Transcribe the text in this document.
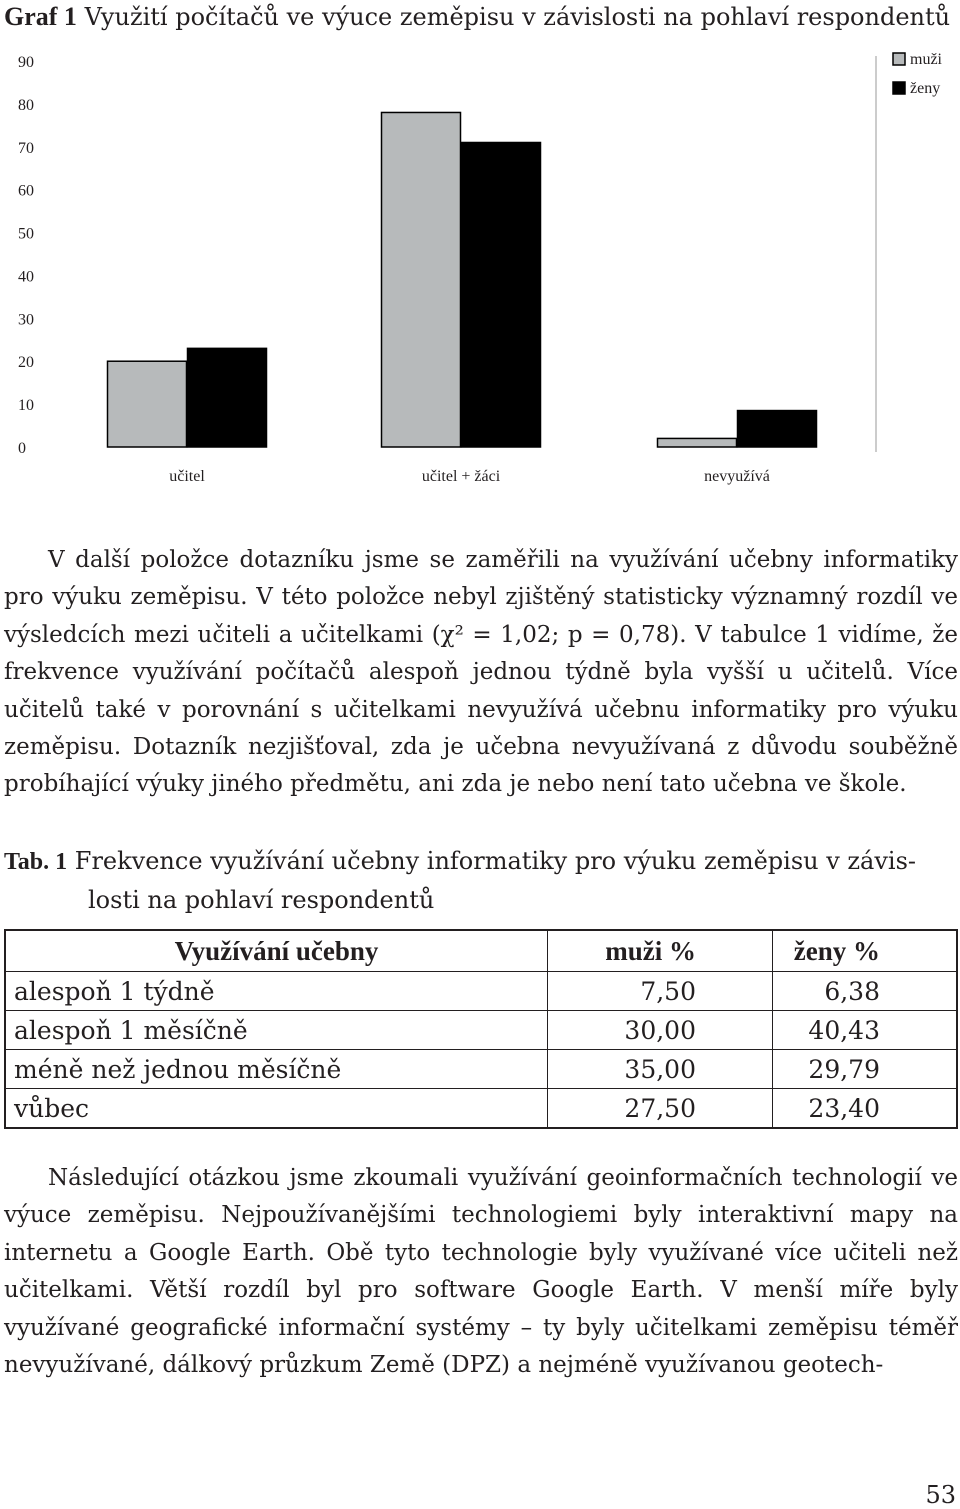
Graf 1 Využití počítačů ve výuce zeměpisu v závislosti na pohlaví respondentů
0
10
20
30
40
50
60
70
80
90
učitel	učitel + žáci	nevyužívá
muži
ženy
V další položce dotazníku jsme se zaměřili na využívání učebny informatiky pro výuku zeměpisu. V této položce nebyl zjištěný statisticky významný rozdíl ve výsledcích mezi učiteli a učitelkami (χ² = 1,02; p = 0,78). V tabulce 1 vidíme, že frekvence využívání počítačů alespoň jednou týdně byla vyšší u učitelů. Více učitelů také v porovnání s učitelkami nevyužívá učebnu informatiky pro výuku zeměpisu. Dotazník nezjišťoval, zda je učebna nevyužívaná z důvodu souběžně probíhající výuky jiného předmětu, ani zda je nebo není tato učebna ve škole.
Tab. 1 Frekvence využívání učebny informatiky pro výuku zeměpisu v závis-
losti na pohlaví respondentů
Využívání učebny	muži %	ženy %
alespoň 1 týdně	7,50	6,38
alespoň 1 měsíčně	30,00	40,43
méně než jednou měsíčně	35,00	29,79
vůbec	27,50	23,40
Následující otázkou jsme zkoumali využívání geoinformačních technologií ve výuce zeměpisu. Nejpoužívanějšími technologiemi byly interaktivní mapy na internetu a Google Earth. Obě tyto technologie byly využívané více učiteli než učitelkami. Větší rozdíl byl pro software Google Earth. V menší míře byly využívané geografické informační systémy – ty byly učitelkami zeměpisu téměř nevyužívané, dálkový průzkum Země (DPZ) a nejméně využívanou geotech-
53
